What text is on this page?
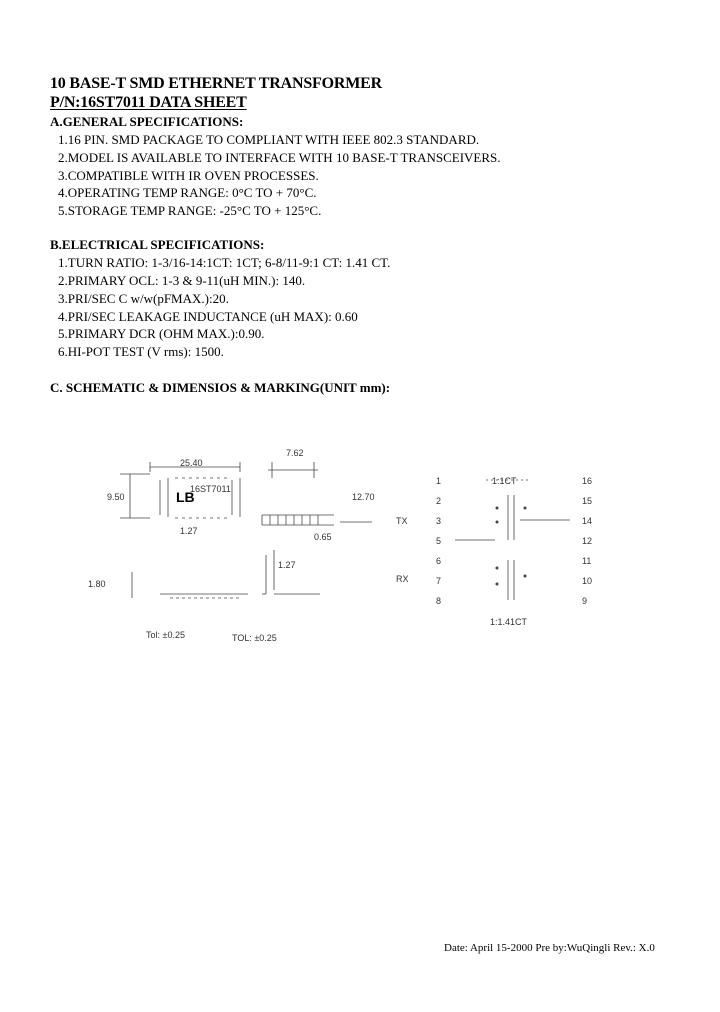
10 BASE-T SMD ETHERNET TRANSFORMER
P/N:16ST7011 DATA SHEET
A.GENERAL SPECIFICATIONS:
1.16 PIN. SMD PACKAGE TO COMPLIANT WITH IEEE 802.3 STANDARD.
2.MODEL IS AVAILABLE TO INTERFACE WITH 10 BASE-T TRANSCEIVERS.
3.COMPATIBLE WITH IR OVEN PROCESSES.
4.OPERATING TEMP RANGE: 0°C TO + 70°C.
5.STORAGE TEMP RANGE: -25°C TO + 125°C.
B.ELECTRICAL SPECIFICATIONS:
1.TURN RATIO: 1-3/16-14:1CT: 1CT; 6-8/11-9:1 CT: 1.41 CT.
2.PRIMARY OCL: 1-3 & 9-11(uH MIN.): 140.
3.PRI/SEC C w/w(pFMAX.):20.
4.PRI/SEC LEAKAGE INDUCTANCE (uH MAX): 0.60
5.PRIMARY DCR (OHM MAX.):0.90.
6.HI-POT TEST (V rms): 1500.
C. SCHEMATIC & DIMENSIOS & MARKING(UNIT mm):
25.40
9.50	LB
16ST7011
1.27
7.62
12.70
0.65
1.80
1.27
Tol: ±0.25	TOL: ±0.25
TX
RX
1
2
3
5
6
7
8
16
15
14
12
11
10
9
1:1CT
1:1.41CT
Date: April 15-2000 Pre by:WuQingli Rev.: X.0
